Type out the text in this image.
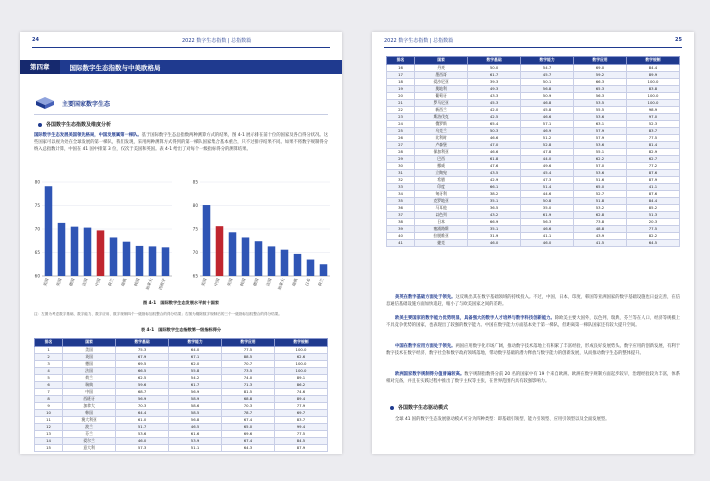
24	2022 数字生态指数 | 总指数篇
第四章	国际数字生态指数与中美欧格局
主要国家数字生态
各国数字生态指数及维度分析
国际数字生态发展美国领先格局，中国发展属第一梯队。基于国际数字生态总指数两种测算方式的结果，图 4-1 展示排在前十位的国家及各自得分状况。这些国家可以视为处在全球发展的第一梯队，我们发现，采用两种测算方式得到的第一梯队国家集合基本重合，只不过排序结果不同。如果不将数字规制得分纳入总指数计算，中国在 41 国中排第 3 位，仅次于美国和英国。表 4-1 给出了对每个一级指标得分的测算结果。
60
65
70
75
80
美国 英国 德国 法国 中国 荷兰 瑞典 韩国 加拿大 西班牙
65
70
75
80
85
美国 中国 英国 韩国 德国 法国 加拿大 瑞典 日本 荷兰
图 4-1　国际数字生态发展水平前十国家
注：左图为考虑数字基础、数字能力、数字应用、数字规制四个一级指标加权整合的得分结果；右图为剔除数字规制后的三个一级指标加权整合的得分结果。
表 4-1　国际数字生态指数第一级指标得分
排名	国家	数字基础	数字能力	数字应用	数字规制
1	美国	75.3	64.0	77.5	100.0
2	英国	67.9	67.1	88.5	62.6
3	德国	69.5	62.0	70.7	100.0
4	法国	66.5	55.8	73.5	100.0
5	荷兰	62.5	54.2	74.0	89.1
6	瑞典	59.6	61.7	71.3	86.2
7	中国	68.7	56.9	81.5	74.6
8	西班牙	56.9	58.9	68.8	89.4
9	加拿大	70.3	58.6	70.3	77.9
10	韩国	64.4	58.5	78.7	69.7
11	澳大利亚	61.0	56.8	67.4	83.7
12	波兰	51.7	46.5	65.0	99.4
13	芬兰	53.6	61.6	69.6	77.5
14	爱尔兰	46.0	53.9	67.4	84.5
15	意大利	57.3	51.1	64.3	87.9
2022 数字生态指数 | 总指数篇	25
排名	国家	数字基础	数字能力	数字应用	数字规制
16	丹麦	50.0	54.7	69.0	84.4
17	墨西哥	61.7	45.7	59.2	89.9
18	爱沙尼亚	39.3	50.1	66.3	100.0
19	奥地利	49.3	56.8	65.3	83.8
20	葡萄牙	43.3	50.9	56.3	100.0
21	罗马尼亚	45.3	46.8	53.5	100.0
22	新西兰	42.0	45.8	55.5	98.9
23	斯洛伐克	42.5	46.6	53.6	97.0
24	俄罗斯	65.4	57.1	63.1	52.3
25	乌克兰	50.3	46.9	57.9	83.7
26	比利时	46.6	51.2	57.9	77.5
27	卢森堡	47.0	52.8	53.6	81.4
28	保加利亚	46.6	47.8	55.1	82.9
29	巴西	61.8	44.0	62.2	62.7
30	挪威	47.6	49.6	57.0	77.2
31	立陶宛	43.5	45.4	53.6	87.6
32	希腊	42.9	47.3	51.6	87.9
33	印度	66.1	51.4	65.0	41.1
34	匈牙利	38.2	44.6	52.7	87.6
35	克罗地亚	35.1	50.8	51.8	84.4
36	马耳他	36.5	35.0	53.2	85.2
37	以色列	43.2	61.9	62.8	51.3
38	日本	66.9	56.3	73.8	20.3
39	塞浦路斯	35.1	46.6	48.8	77.5
40	拉脱维亚	31.9	41.1	43.9	82.2
41	捷克	46.0	46.0	41.5	64.5
美英在数字基础方面处于领先。这反映出其在数字基础领域的持续投入。不过，中国、日本、印度、韩国等亚洲国家的数字基础设施也日益完善，在信息通信基础设施方面加快追赶，缩小了与欧美国家之间的差距。
欧美主要国家的数字能力优势明显，具备强大的数字人才培养与数字科技创新能力。除欧美主要大国外，以色列、瑞典、芬兰等在人口、经济等规模上不具竞争优势的国家，也表现出了较强的数字能力。中国在数字能力方面基本处于第一梯队，但距离第一梯队国家还有较大提升空间。
中国在数字应用方面处于领先。两国应用数字化市场广阔，推动数字技术落地上有积累了丰富经验，形成良好发展势头。数字应用的创新发展，有利于数字技术在数字经济、数字社会和数字政府领域落地，带动数字基础的潜力释放与数字能力的创新发展，从而推动数字生态的整体提升。
欧洲国家数字规制得分值普遍较高。数字规制指数得分前 20 名的国家中有 19 个来自欧洲。欧洲在数字规制方面起步较早，治理经验较为丰富，体系相对完备，并且在实践过程中推出了数字主权等主张，在世界范围内具有较强影响力。
各国数字生态驱动模式
全球 41 国的数字生态发展驱动模式可分为四种类型：即基础引领型、能力引领型、应用引领型以及全面发展型。
